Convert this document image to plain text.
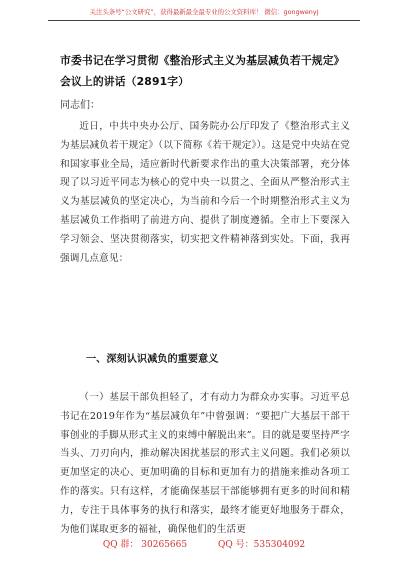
关注头条号“公文研究”，获得最新最全最专业的公文资料库！ 微信：gongwenyj
市委书记在学习贯彻《整治形式主义为基层减负若干规定》会议上的讲话（2891字）
同志们：

近日，中共中央办公厅、国务院办公厅印发了《整治形式主义为基层减负若干规定》（以下简称《若干规定》）。这是党中央站在党和国家事业全局，适应新时代新要求作出的重大决策部署，充分体现了以习近平同志为核心的党中央一以贯之、全面从严整治形式主义为基层减负的坚定决心，为当前和今后一个时期整治形式主义为基层减负工作指明了前进方向、提供了制度遵循。全市上下要深入学习领会、坚决贯彻落实，切实把文件精神落到实处。下面，我再强调几点意见：

一、深刻认识减负的重要意义

（一）基层干部负担轻了，才有动力为群众办实事。习近平总书记在2019年作为“基层减负年”中曾强调：“要把广大基层干部干事创业的手脚从形式主义的束缚中解脱出来”。目的就是要坚持严字当头、刀刃向内，推动解决困扰基层的形式主义问题。我们必须以更加坚定的决心、更加明确的目标和更加有力的措施来推动各项工作的落实。只有这样，才能确保基层干部能够拥有更多的时间和精力，专注于具体事务的执行和落实，最终才能更好地服务于群众，为他们谋取更多的福祉，确保他们的生活更

QQ 群： 30265665	QQ 号：535304092
